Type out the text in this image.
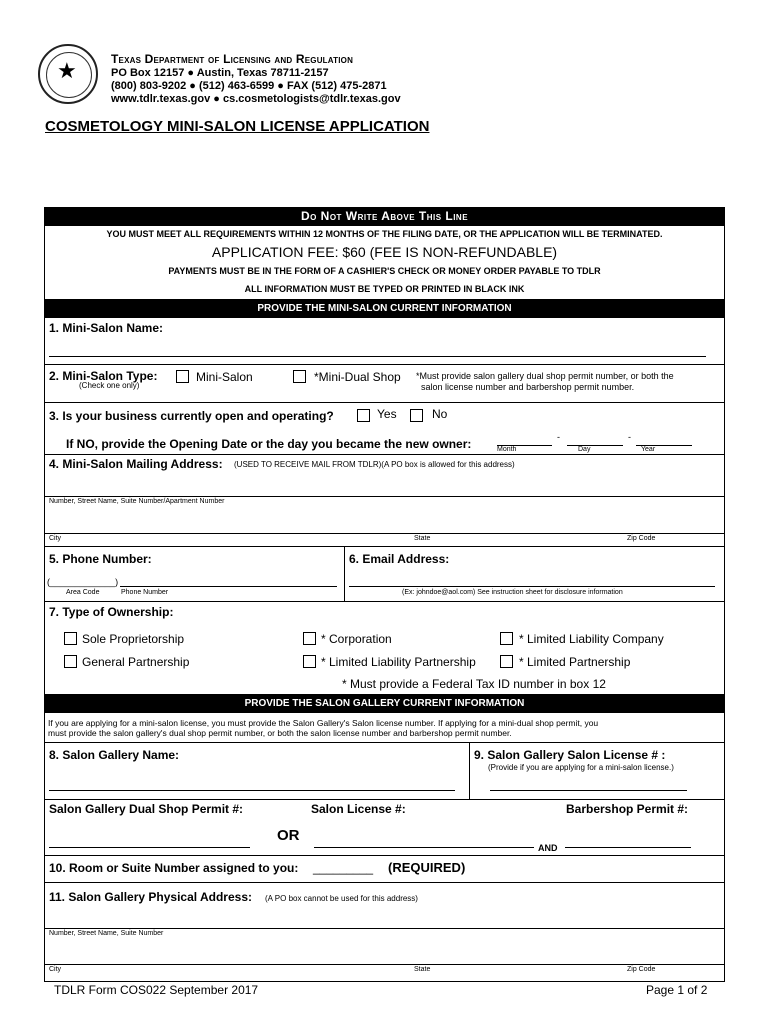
★	Texas Department of Licensing and Regulation
PO Box 12157 ● Austin, Texas 78711-2157
(800) 803-9202 ● (512) 463-6599 ● FAX (512) 475-2871
www.tdlr.texas.gov ● cs.cosmetologists@tdlr.texas.gov
COSMETOLOGY MINI-SALON LICENSE APPLICATION
Do Not Write Above This Line
YOU MUST MEET ALL REQUIREMENTS WITHIN 12 MONTHS OF THE FILING DATE, OR THE APPLICATION WILL BE TERMINATED.
APPLICATION FEE: $60 (FEE IS NON-REFUNDABLE)
PAYMENTS MUST BE IN THE FORM OF A CASHIER'S CHECK OR MONEY ORDER PAYABLE TO TDLR
ALL INFORMATION MUST BE TYPED OR PRINTED IN BLACK INK
PROVIDE THE MINI-SALON CURRENT INFORMATION
1. Mini-Salon Name:
2. Mini-Salon Type:
(Check one only)
Mini-Salon	*Mini-Dual Shop *Must provide salon gallery dual shop permit number, or both the
salon license number and barbershop permit number.
3. Is your business currently open and operating?	Yes	No
If NO, provide the Opening Date or the day you became the new owner:	-	-
Month	Day	Year
4. Mini-Salon Mailing Address: (USED TO RECEIVE MAIL FROM TDLR)(A PO box is allowed for this address)
Number, Street Name, Suite Number/Apartment Number
City	State	Zip Code
5. Phone Number:
(_____________)
Area Code	Phone Number
6. Email Address:
(Ex: johndoe@aol.com) See instruction sheet for disclosure information
7. Type of Ownership:
Sole Proprietorship	* Corporation	* Limited Liability Company
General Partnership	* Limited Liability Partnership	* Limited Partnership
* Must provide a Federal Tax ID number in box 12
PROVIDE THE SALON GALLERY CURRENT INFORMATION
If you are applying for a mini-salon license, you must provide the Salon Gallery's Salon license number. If applying for a mini-dual shop permit, you
must provide the salon gallery's dual shop permit number, or both the salon license number and barbershop permit number.
8. Salon Gallery Name:	9. Salon Gallery Salon License # :
(Provide if you are applying for a mini-salon license.)
Salon Gallery Dual Shop Permit #:	Salon License #:	Barbershop Permit #:
OR
AND
10. Room or Suite Number assigned to you: _________ (REQUIRED)
11. Salon Gallery Physical Address: (A PO box cannot be used for this address)
Number, Street Name, Suite Number
City	State	Zip Code
TDLR Form COS022 September 2017	Page 1 of 2
